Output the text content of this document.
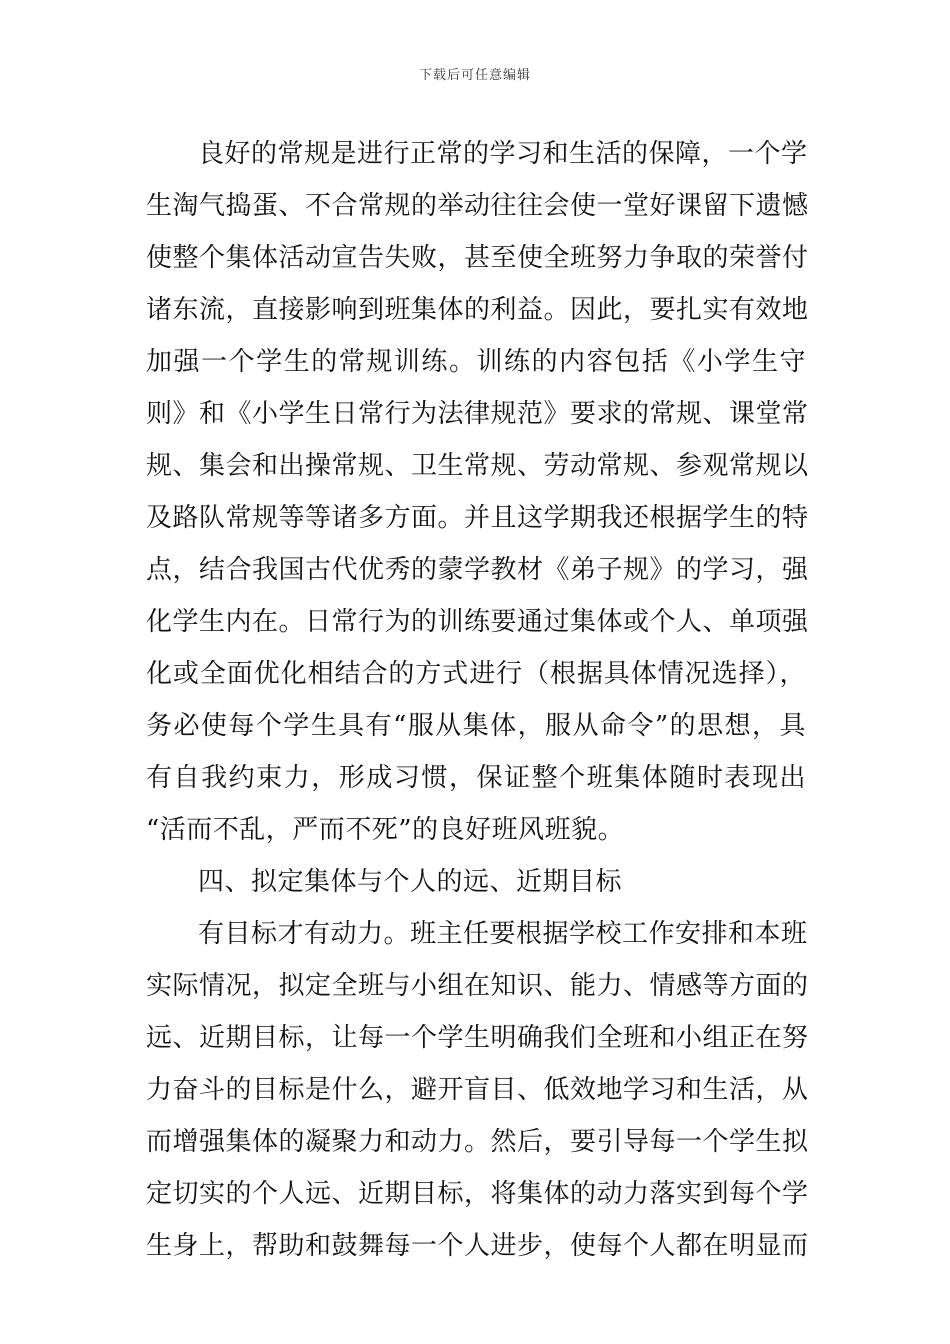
下载后可任意编辑
良好的常规是进行正常的学习和生活的保障，一个学
生淘气捣蛋、不合常规的举动往往会使一堂好课留下遗憾
使整个集体活动宣告失败，甚至使全班努力争取的荣誉付
诸东流，直接影响到班集体的利益。因此，要扎实有效地
加强一个学生的常规训练。训练的内容包括《小学生守
则》和《小学生日常行为法律规范》要求的常规、课堂常
规、集会和出操常规、卫生常规、劳动常规、参观常规以
及路队常规等等诸多方面。并且这学期我还根据学生的特
点，结合我国古代优秀的蒙学教材《弟子规》的学习，强
化学生内在。日常行为的训练要通过集体或个人、单项强
化或全面优化相结合的方式进行（根据具体情况选择），
务必使每个学生具有“服从集体，服从命令”的思想，具
有自我约束力，形成习惯，保证整个班集体随时表现出
“活而不乱，严而不死”的良好班风班貌。
四、拟定集体与个人的远、近期目标
有目标才有动力。班主任要根据学校工作安排和本班
实际情况，拟定全班与小组在知识、能力、情感等方面的
远、近期目标，让每一个学生明确我们全班和小组正在努
力奋斗的目标是什么，避开盲目、低效地学习和生活，从
而增强集体的凝聚力和动力。然后，要引导每一个学生拟
定切实的个人远、近期目标，将集体的动力落实到每个学
生身上，帮助和鼓舞每一个人进步，使每个人都在明显而
